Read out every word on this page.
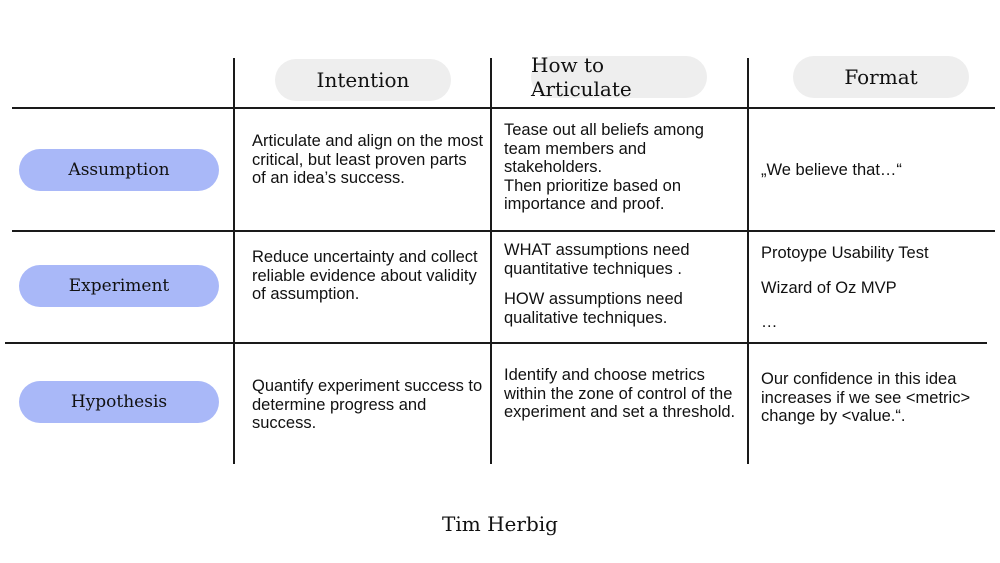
Intention
How to Articulate	Format
Assumption
Experiment
Hypothesis

Articulate and align on the most critical, but least proven parts of an idea’s success.

Tease out all beliefs among team members and stakeholders.

Then prioritize based on importance and proof.

„We believe that…“

Reduce uncertainty and collect reliable evidence about validity of assumption.

WHAT assumptions need quantitative techniques .

HOW assumptions need qualitative techniques.

Protoype Usability Test

Wizard of Oz MVP

…

Quantify experiment success to determine progress and success.

Identify and choose metrics within the zone of control of the experiment and set a threshold.

Our confidence in this idea increases if we see <metric> change by <value.“.

Tim Herbig
